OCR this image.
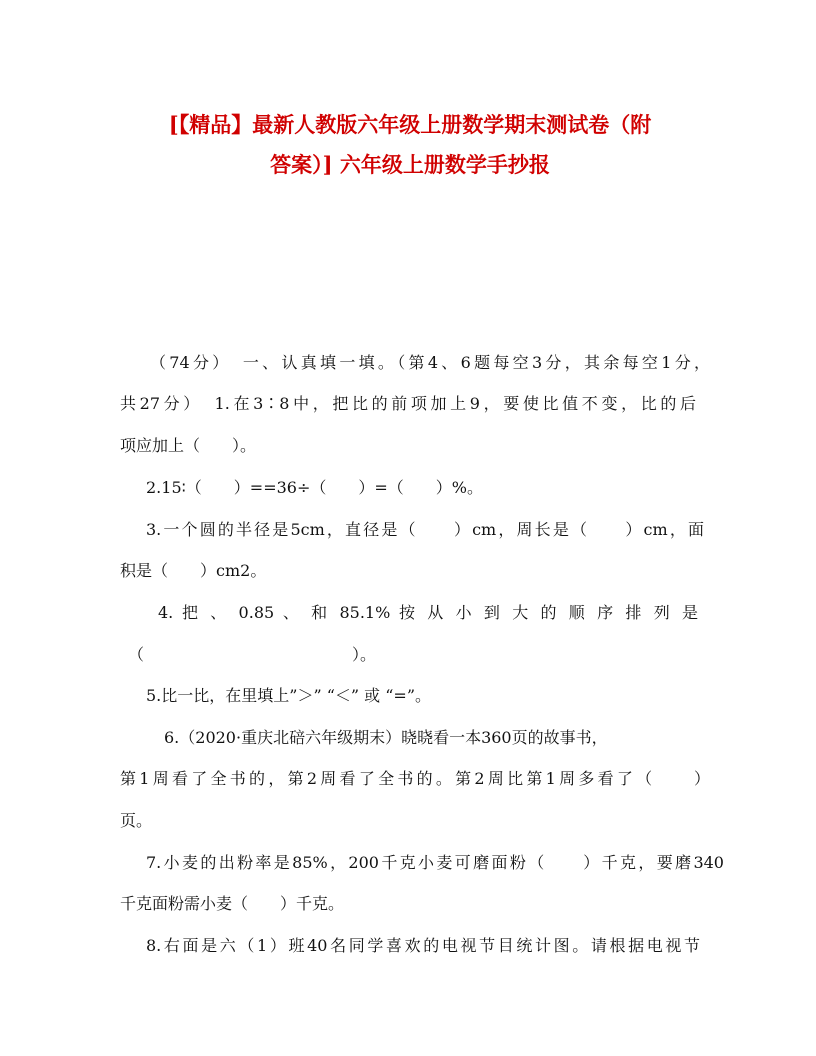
[【精品】最新人教版六年级上册数学期末测试卷（附
答案）] 六年级上册数学手抄报
（74分）　一、认真填一填。（第4、6题每空3分，其余每空1分，
共27分）　1.在3∶8中，把比的前项加上9，要使比值不变，比的后
项应加上（　　）。
2.15∶（　　）==36÷（　　）=（　　）%。
3.一个圆的半径是5cm，直径是（　　）cm，周长是（　　）cm，面
积是（　　）cm2。
4. 把 、 0.85 、 和 85.1% 按 从 小 到 大 的 顺 序 排 列 是
（　　　　　　　　　　　　　）。
5.比一比，在里填上”＞” “＜” 或 “=”。
6.（2020·重庆北碚六年级期末）晓晓看一本360页的故事书，
第1周看了全书的，第2周看了全书的。第2周比第1周多看了（　　）
页。
7.小麦的出粉率是85%，200千克小麦可磨面粉（　　）千克，要磨340
千克面粉需小麦（　　）千克。
8.右面是六（1）班40名同学喜欢的电视节目统计图。请根据电视节
